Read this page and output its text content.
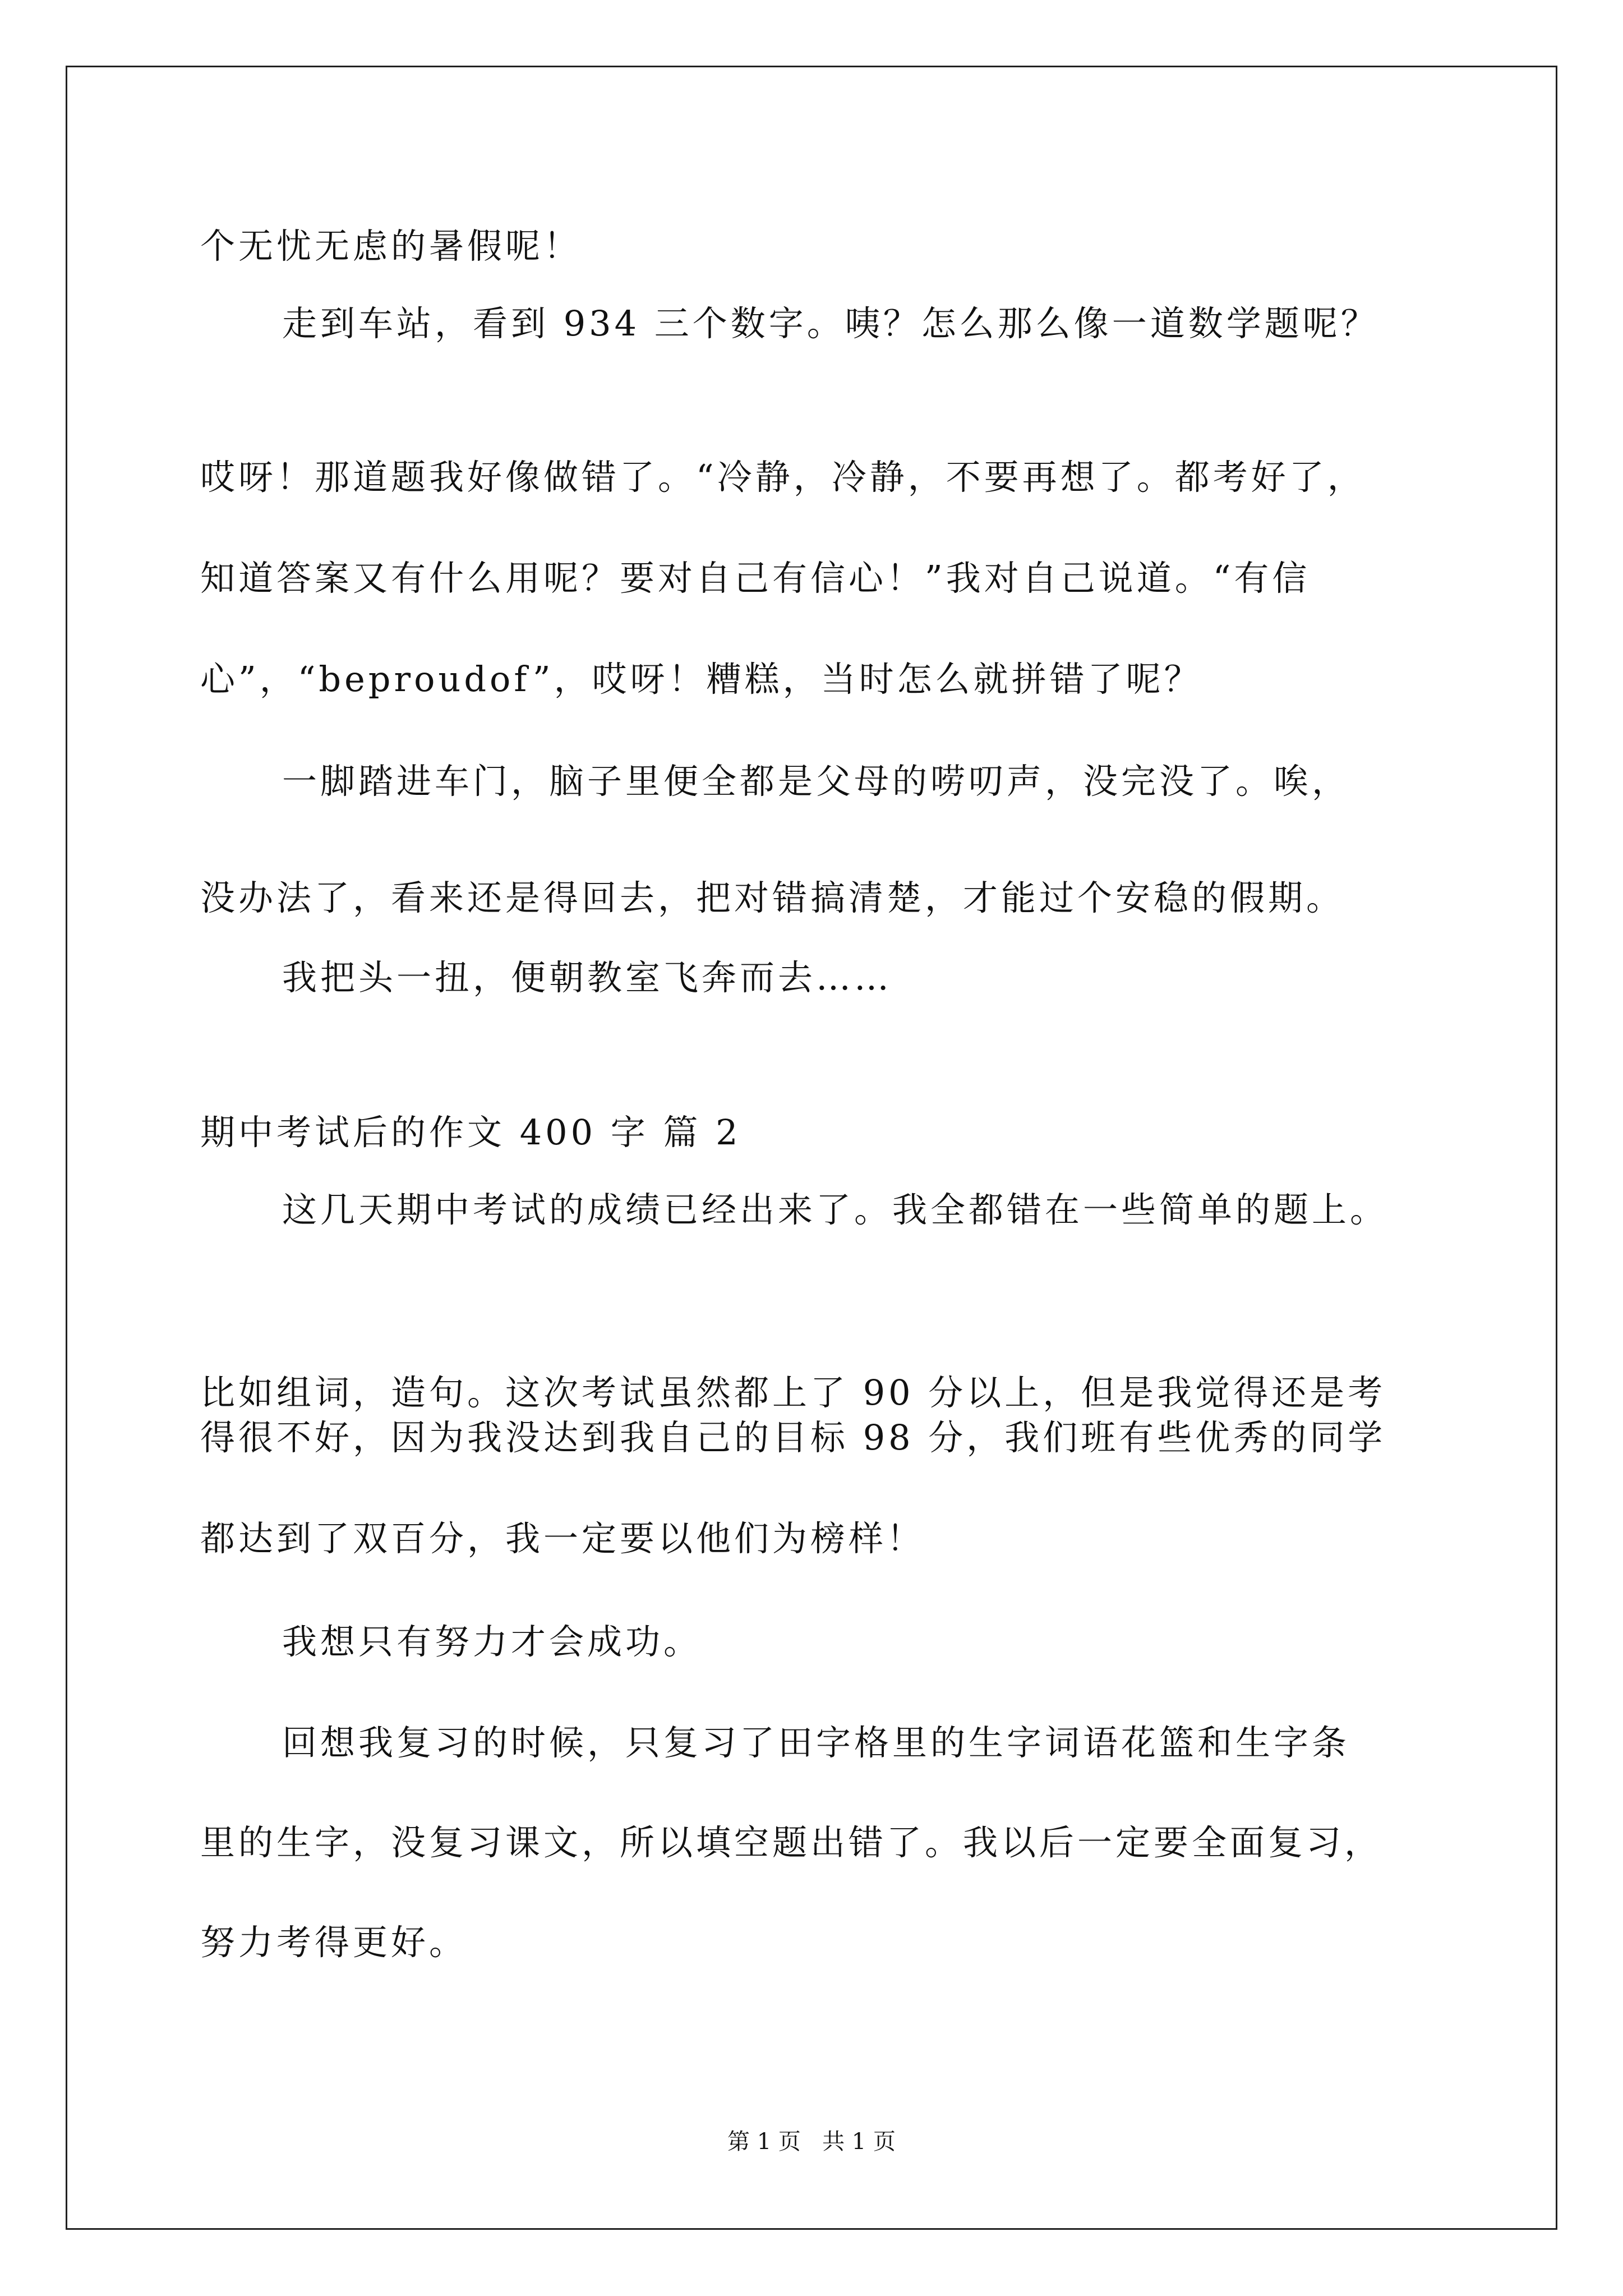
个无忧无虑的暑假呢！
走到车站，看到 934 三个数字。咦？怎么那么像一道数学题呢？
哎呀！那道题我好像做错了。“冷静，冷静，不要再想了。都考好了，
知道答案又有什么用呢？要对自己有信心！”我对自己说道。“有信
心”，“beproudof”，哎呀！糟糕，当时怎么就拼错了呢？
一脚踏进车门，脑子里便全都是父母的唠叨声，没完没了。唉，
没办法了，看来还是得回去，把对错搞清楚，才能过个安稳的假期。
我把头一扭，便朝教室飞奔而去……
期中考试后的作文 400 字 篇 2
这几天期中考试的成绩已经出来了。我全都错在一些简单的题上。
比如组词，造句。这次考试虽然都上了 90 分以上，但是我觉得还是考
得很不好，因为我没达到我自己的目标 98 分，我们班有些优秀的同学
都达到了双百分，我一定要以他们为榜样！
我想只有努力才会成功。
回想我复习的时候，只复习了田字格里的生字词语花篮和生字条
里的生字，没复习课文，所以填空题出错了。我以后一定要全面复习，
努力考得更好。
第 1 页   共 1 页
